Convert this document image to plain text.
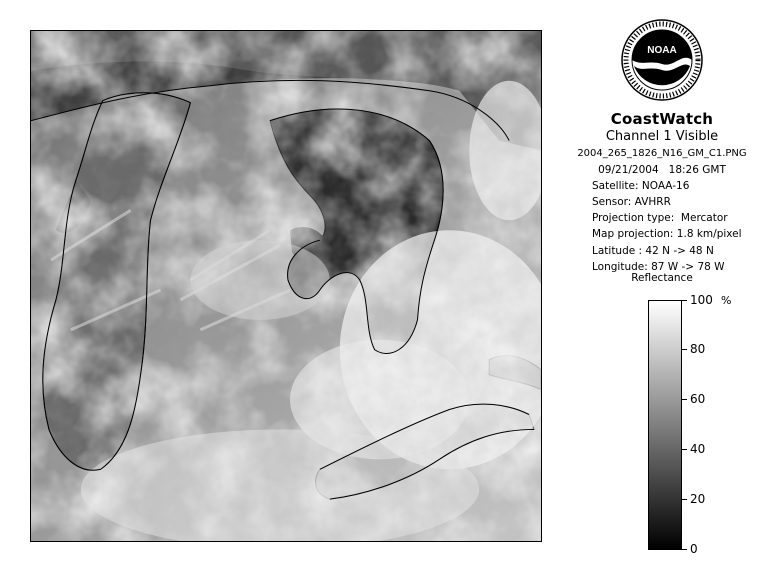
NOAA
CoastWatch
Channel 1 Visible
2004_265_1826_N16_GM_C1.PNG
09/21/2004   18:26 GMT
Satellite: NOAA-16
Sensor: AVHRR
Projection type:  Mercator
Map projection: 1.8 km/pixel
Latitude : 42 N -> 48 N
Longitude: 87 W -> 78 W
Reflectance
%
100
80
60
40
20
0
